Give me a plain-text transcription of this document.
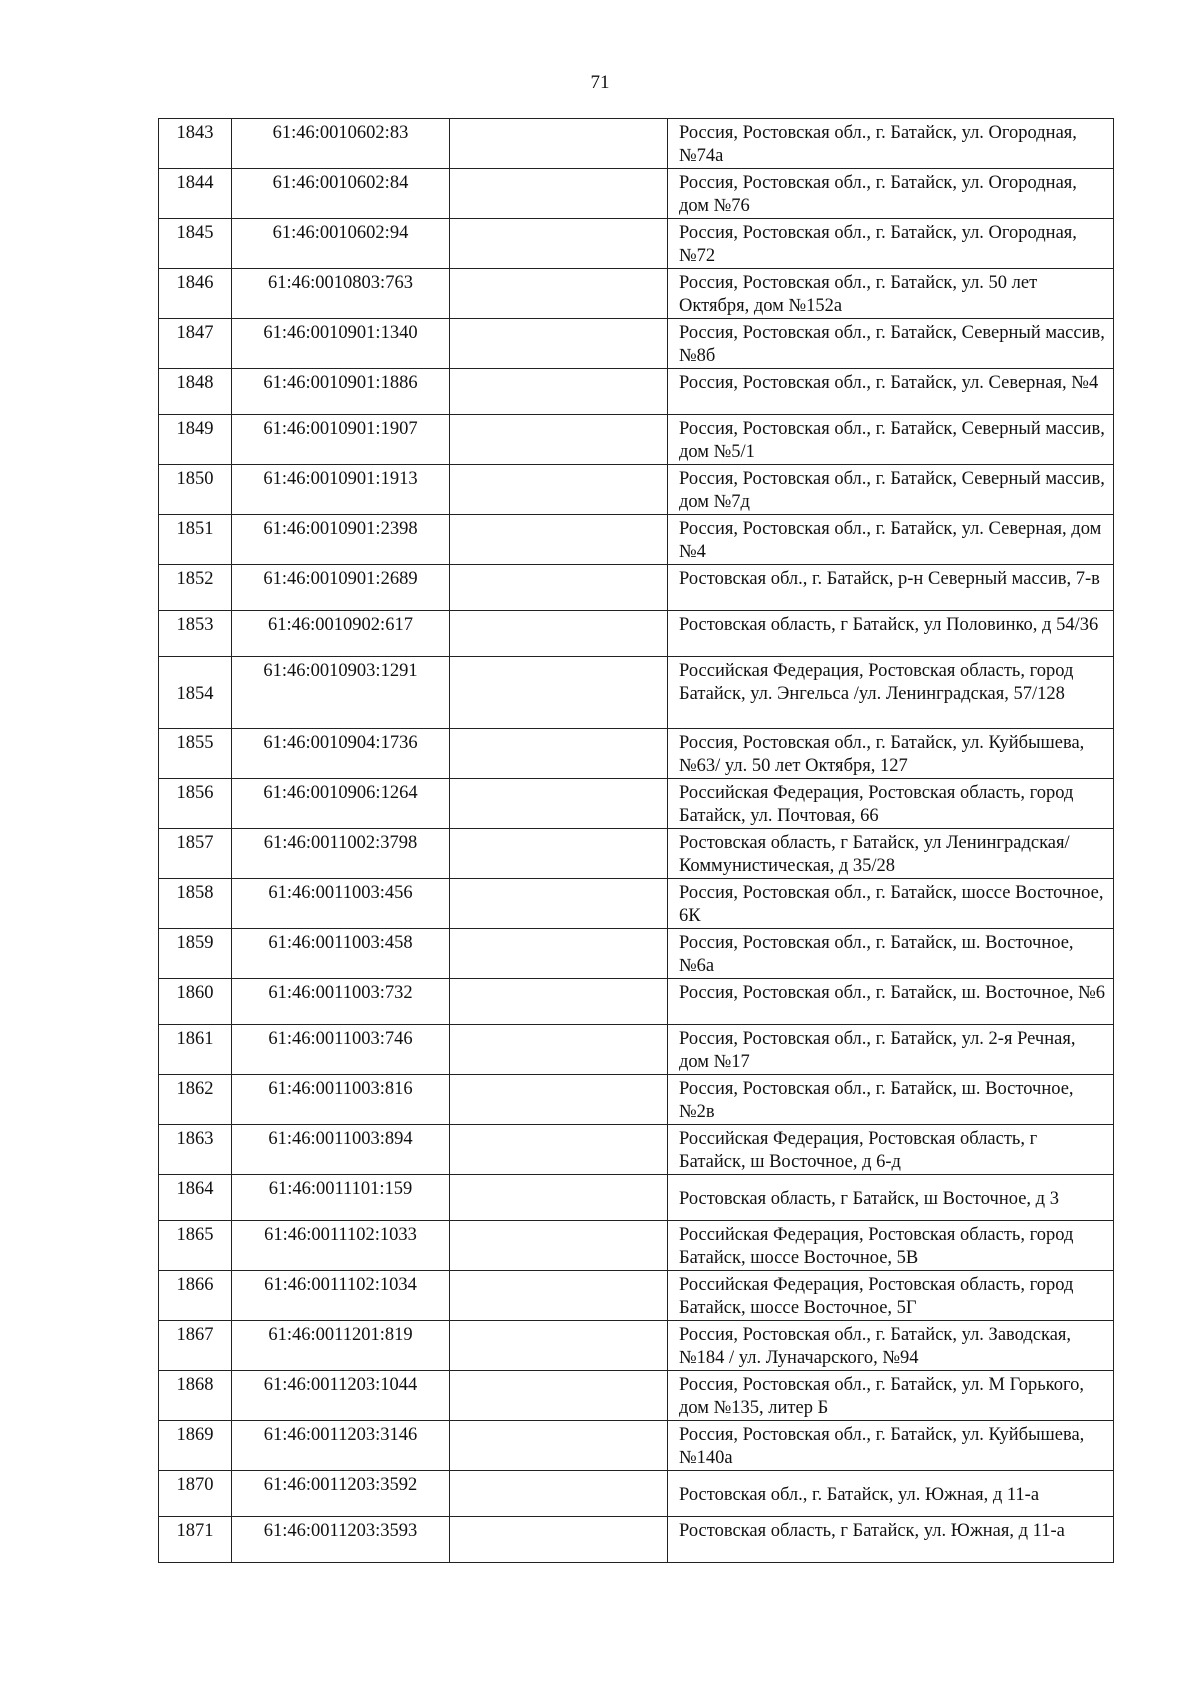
71
1843	61:46:0010602:83		Россия, Ростовская обл., г. Батайск, ул. Огородная, №74а
1844	61:46:0010602:84		Россия, Ростовская обл., г. Батайск, ул. Огородная, дом №76
1845	61:46:0010602:94		Россия, Ростовская обл., г. Батайск, ул. Огородная, №72
1846	61:46:0010803:763		Россия, Ростовская обл., г. Батайск, ул. 50 лет Октября, дом №152а
1847	61:46:0010901:1340		Россия, Ростовская обл., г. Батайск, Северный массив, №8б
1848	61:46:0010901:1886		Россия, Ростовская обл., г. Батайск, ул. Северная, №4
1849	61:46:0010901:1907		Россия, Ростовская обл., г. Батайск, Северный массив, дом №5/1
1850	61:46:0010901:1913		Россия, Ростовская обл., г. Батайск, Северный массив, дом №7д
1851	61:46:0010901:2398		Россия, Ростовская обл., г. Батайск, ул. Северная, дом №4
1852	61:46:0010901:2689		Ростовская обл., г. Батайск, р-н Северный массив, 7-в
1853	61:46:0010902:617		Ростовская область, г Батайск, ул Половинко, д 54/36
1854	61:46:0010903:1291		Российская Федерация, Ростовская область, город Батайск, ул. Энгельса /ул. Ленинградская, 57/128
1855	61:46:0010904:1736		Россия, Ростовская обл., г. Батайск, ул. Куйбышева, №63/ ул. 50 лет Октября, 127
1856	61:46:0010906:1264		Российская Федерация, Ростовская область, город Батайск, ул. Почтовая, 66
1857	61:46:0011002:3798		Ростовская область, г Батайск, ул Ленинградская/Коммунистическая, д 35/28
1858	61:46:0011003:456		Россия, Ростовская обл., г. Батайск, шоссе Восточное, 6К
1859	61:46:0011003:458		Россия, Ростовская обл., г. Батайск, ш. Восточное, №6а
1860	61:46:0011003:732		Россия, Ростовская обл., г. Батайск, ш. Восточное, №6
1861	61:46:0011003:746		Россия, Ростовская обл., г. Батайск, ул. 2-я Речная, дом №17
1862	61:46:0011003:816		Россия, Ростовская обл., г. Батайск, ш. Восточное, №2в
1863	61:46:0011003:894		Российская Федерация, Ростовская область, г Батайск, ш Восточное, д 6-д
1864	61:46:0011101:159		Ростовская область, г Батайск, ш Восточное, д 3
1865	61:46:0011102:1033		Российская Федерация, Ростовская область, город Батайск, шоссе Восточное, 5В
1866	61:46:0011102:1034		Российская Федерация, Ростовская область, город Батайск, шоссе Восточное, 5Г
1867	61:46:0011201:819		Россия, Ростовская обл., г. Батайск, ул. Заводская, №184 / ул. Луначарского, №94
1868	61:46:0011203:1044		Россия, Ростовская обл., г. Батайск, ул. М Горького, дом №135, литер Б
1869	61:46:0011203:3146		Россия, Ростовская обл., г. Батайск, ул. Куйбышева, №140а
1870	61:46:0011203:3592		Ростовская обл., г. Батайск, ул. Южная, д 11-а
1871	61:46:0011203:3593		Ростовская область, г Батайск, ул. Южная, д 11-а
